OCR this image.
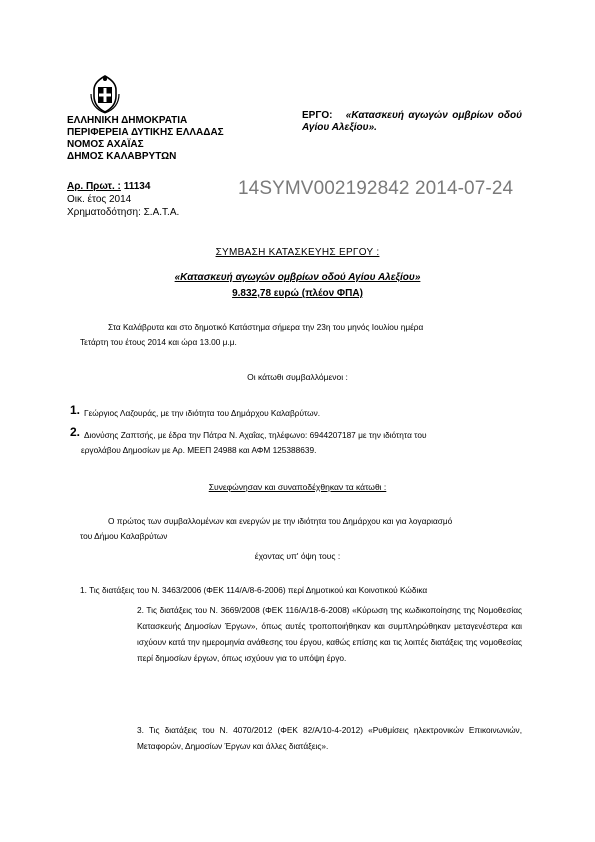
ΕΛΛΗΝΙΚΗ ΔΗΜΟΚΡΑΤΙΑ
ΠΕΡΙΦΕΡΕΙΑ ΔΥΤΙΚΗΣ ΕΛΛΑΔΑΣ
ΝΟΜΟΣ ΑΧΑΪΑΣ
ΔΗΜΟΣ ΚΑΛΑΒΡΥΤΩΝ
ΕΡΓΟ: «Κατασκευή αγωγών ομβρίων οδού Αγίου Αλεξίου».
Αρ. Πρωτ. : 11134
Οικ. έτος 2014
Χρηματοδότηση: Σ.Α.Τ.Α.
14SYMV002192842 2014-07-24
ΣΥΜΒΑΣΗ ΚΑΤΑΣΚΕΥΗΣ ΕΡΓΟΥ :
«Κατασκευή αγωγών ομβρίων οδού Αγίου Αλεξίου»
9.832,78 ευρώ (πλέον ΦΠΑ)
Στα Καλάβρυτα και στο δημοτικό Κατάστημα σήμερα την 23η του μηνός Ιουλίου ημέρα
Τετάρτη του έτους 2014 και ώρα 13.00 μ.μ.
Οι κάτωθι συμβαλλόμενοι :
1. Γεώργιος Λαζουράς, με την ιδιότητα του Δημάρχου Καλαβρύτων.
2. Διονύσης Ζαπτσής, με έδρα την Πάτρα Ν. Αχαΐας, τηλέφωνο: 6944207187 με την ιδιότητα του
εργολάβου Δημοσίων με Αρ. ΜΕΕΠ 24988 και ΑΦΜ 125388639.
Συνεφώνησαν και συναποδέχθηκαν τα κάτωθι :
Ο πρώτος των συμβαλλομένων και ενεργών με την ιδιότητα του Δημάρχου και για λογαριασμό
του Δήμου Καλαβρύτων
έχοντας υπ' όψη τους :
1. Τις διατάξεις του Ν. 3463/2006 (ΦΕΚ 114/Α/8-6-2006) περί Δημοτικού και Κοινοτικού Κώδικα
2. Τις διατάξεις του Ν. 3669/2008 (ΦΕΚ 116/Α/18-6-2008) «Κύρωση της κωδικοποίησης της Νομοθεσίας Κατασκευής Δημοσίων Έργων», όπως αυτές τροποποιήθηκαν και συμπληρώθηκαν μεταγενέστερα και ισχύουν κατά την ημερομηνία ανάθεσης του έργου, καθώς επίσης και τις λοιπές διατάξεις της νομοθεσίας περί δημοσίων έργων, όπως ισχύουν για το υπόψη έργο.
3. Τις διατάξεις του Ν. 4070/2012 (ΦΕΚ 82/Α/10-4-2012) «Ρυθμίσεις ηλεκτρονικών Επικοινωνιών, Μεταφορών, Δημοσίων Έργων και άλλες διατάξεις».
